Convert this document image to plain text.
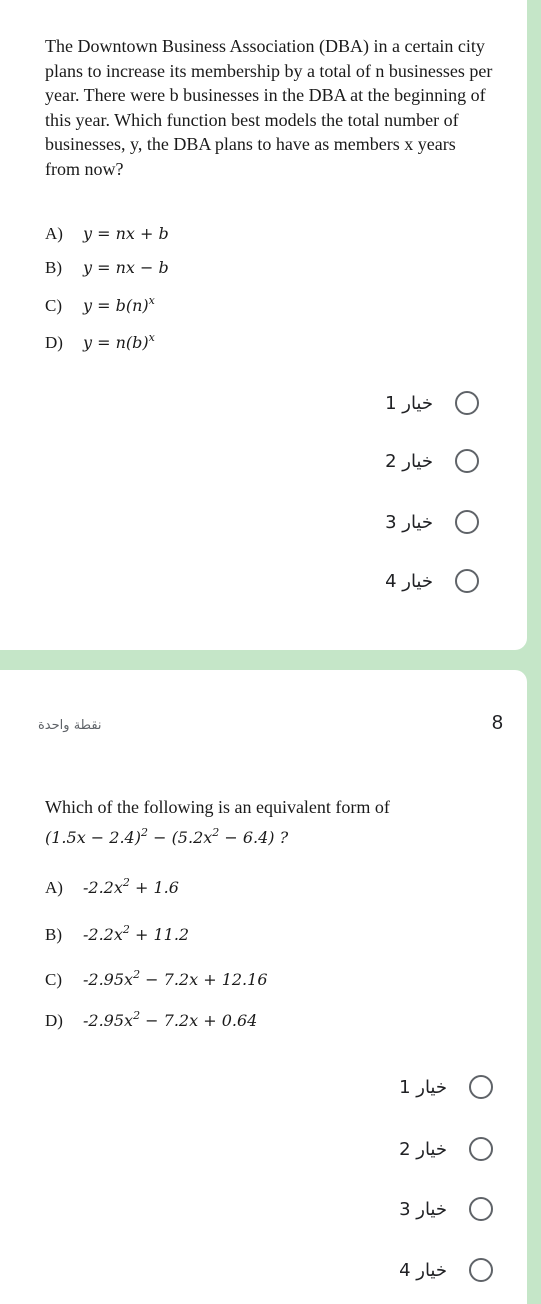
The Downtown Business Association (DBA) in a certain city plans to increase its membership by a total of n businesses per year. There were b businesses in the DBA at the beginning of this year. Which function best models the total number of businesses, y, the DBA plans to have as members x years from now?
A) y = nx + b
B) y = nx − b
C) $y = b(n)^x$
D) $y = n(b)^x$
خيار 1
خيار 2
خيار 3
خيار 4
نقطة واحدة	8
Which of the following is an equivalent form of
$(1.5x - 2.4)^2 - (5.2x^2 - 6.4)$ ?
A) $-2.2x^2 + 1.6$
B) $-2.2x^2 + 11.2$
C) $-2.95x^2 - 7.2x + 12.16$
D) $-2.95x^2 - 7.2x + 0.64$
خيار 1
خيار 2
خيار 3
خيار 4
